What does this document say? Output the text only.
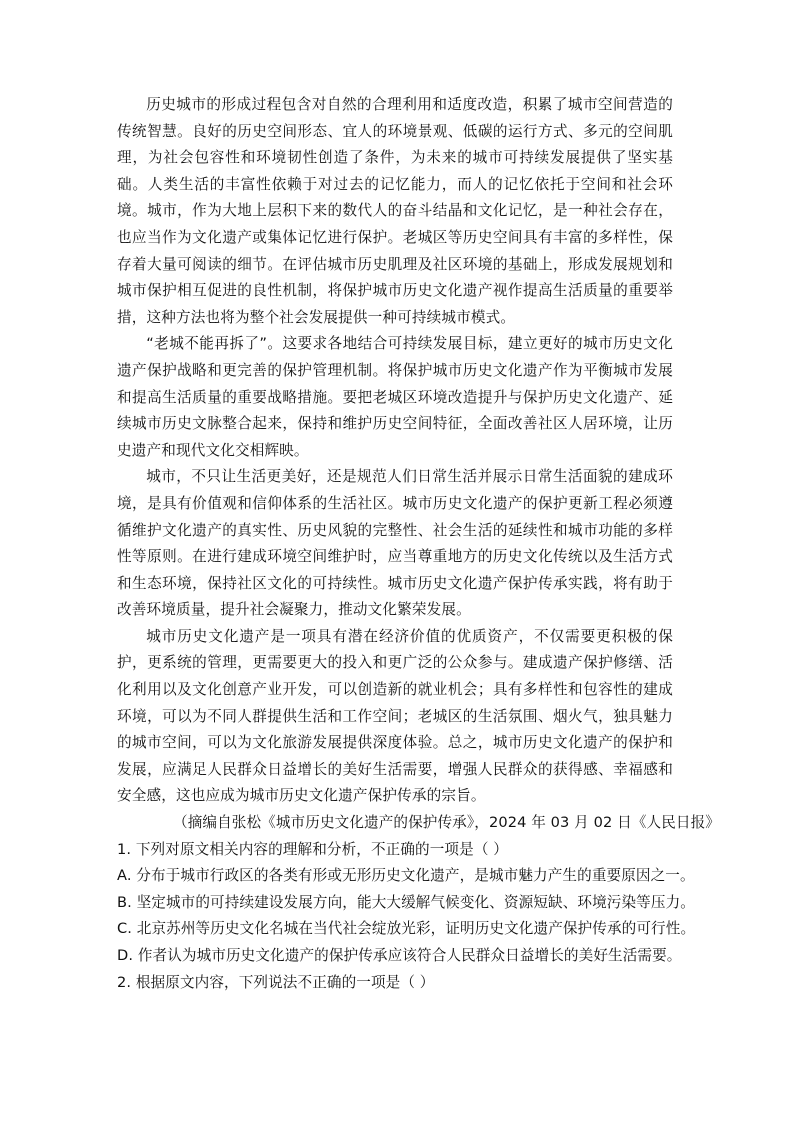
历史城市的形成过程包含对自然的合理利用和适度改造，积累了城市空间营造的传统智慧。良好的历史空间形态、宜人的环境景观、低碳的运行方式、多元的空间肌理，为社会包容性和环境韧性创造了条件，为未来的城市可持续发展提供了坚实基础。人类生活的丰富性依赖于对过去的记忆能力，而人的记忆依托于空间和社会环境。城市，作为大地上层积下来的数代人的奋斗结晶和文化记忆，是一种社会存在，也应当作为文化遗产或集体记忆进行保护。老城区等历史空间具有丰富的多样性，保存着大量可阅读的细节。在评估城市历史肌理及社区环境的基础上，形成发展规划和城市保护相互促进的良性机制，将保护城市历史文化遗产视作提高生活质量的重要举措，这种方法也将为整个社会发展提供一种可持续城市模式。

“老城不能再拆了”。这要求各地结合可持续发展目标，建立更好的城市历史文化遗产保护战略和更完善的保护管理机制。将保护城市历史文化遗产作为平衡城市发展和提高生活质量的重要战略措施。要把老城区环境改造提升与保护历史文化遗产、延续城市历史文脉整合起来，保持和维护历史空间特征，全面改善社区人居环境，让历史遗产和现代文化交相辉映。

城市，不只让生活更美好，还是规范人们日常生活并展示日常生活面貌的建成环境，是具有价值观和信仰体系的生活社区。城市历史文化遗产的保护更新工程必须遵循维护文化遗产的真实性、历史风貌的完整性、社会生活的延续性和城市功能的多样性等原则。在进行建成环境空间维护时，应当尊重地方的历史文化传统以及生活方式和生态环境，保持社区文化的可持续性。城市历史文化遗产保护传承实践，将有助于改善环境质量，提升社会凝聚力，推动文化繁荣发展。

城市历史文化遗产是一项具有潜在经济价值的优质资产，不仅需要更积极的保护，更系统的管理，更需要更大的投入和更广泛的公众参与。建成遗产保护修缮、活化利用以及文化创意产业开发，可以创造新的就业机会；具有多样性和包容性的建成环境，可以为不同人群提供生活和工作空间；老城区的生活氛围、烟火气，独具魅力的城市空间，可以为文化旅游发展提供深度体验。总之，城市历史文化遗产的保护和发展，应满足人民群众日益增长的美好生活需要，增强人民群众的获得感、幸福感和安全感，这也应成为城市历史文化遗产保护传承的宗旨。

（摘编自张松《城市历史文化遗产的保护传承》，2024 年 03 月 02 日《人民日报》

1. 下列对原文相关内容的理解和分析，不正确的一项是（ ）

A. 分布于城市行政区的各类有形或无形历史文化遗产，是城市魅力产生的重要原因之一。

B. 坚定城市的可持续建设发展方向，能大大缓解气候变化、资源短缺、环境污染等压力。

C. 北京苏州等历史文化名城在当代社会绽放光彩，证明历史文化遗产保护传承的可行性。

D. 作者认为城市历史文化遗产的保护传承应该符合人民群众日益增长的美好生活需要。

2. 根据原文内容，下列说法不正确的一项是（ ）
